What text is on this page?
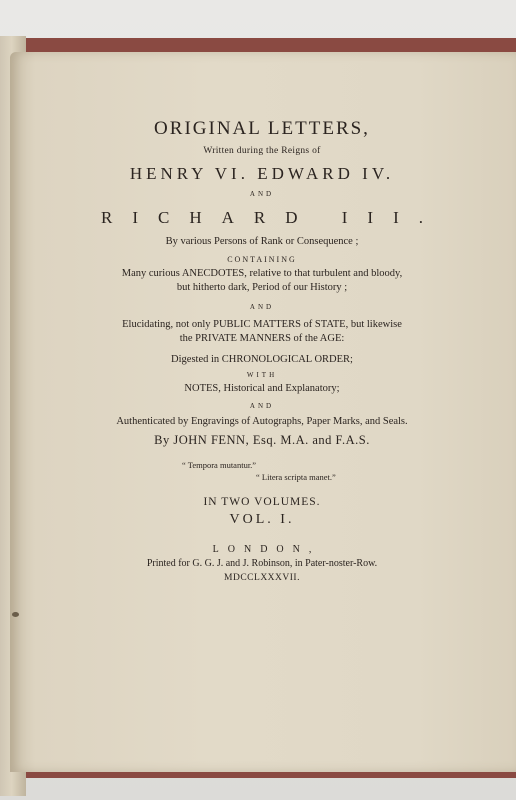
ORIGINAL LETTERS,
Written during the Reigns of
HENRY VI. EDWARD IV.
AND
RICHARD III.
By various Persons of Rank or Consequence ;
CONTAINING
Many curious ANECDOTES, relative to that turbulent and bloody,
but hitherto dark, Period of our History ;
AND
Elucidating, not only PUBLIC MATTERS of STATE, but likewise
the PRIVATE MANNERS of the AGE:
Digested in CHRONOLOGICAL ORDER;
WITH
NOTES, Historical and Explanatory;
AND
Authenticated by Engravings of Autographs, Paper Marks, and Seals.
By JOHN FENN, Esq. M.A. and F.A.S.
“ Tempora mutantur.”
“ Litera scripta manet.”
IN TWO VOLUMES.
VOL. I.
LONDON,
Printed for G. G. J. and J. Robinson, in Pater-noster-Row.
MDCCLXXXVII.
